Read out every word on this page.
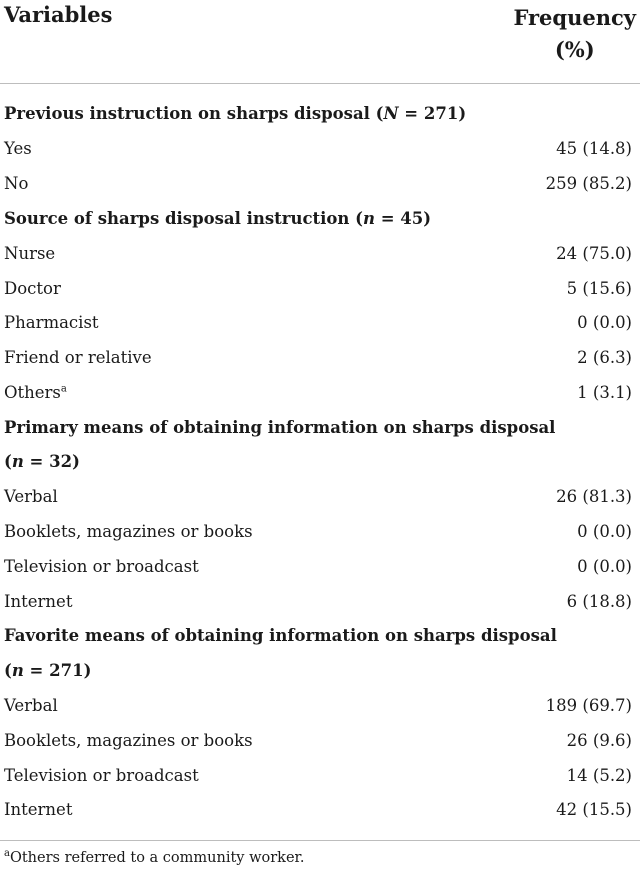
Variables	Frequency
(%)
Previous instruction on sharps disposal (N = 271)
Yes	45 (14.8)
No	259 (85.2)
Source of sharps disposal instruction (n = 45)
Nurse	24 (75.0)
Doctor	5 (15.6)
Pharmacist	0 (0.0)
Friend or relative	2 (6.3)
Others$^a$	1 (3.1)
Primary means of obtaining information on sharps disposal
(n = 32)
Verbal	26 (81.3)
Booklets, magazines or books	0 (0.0)
Television or broadcast	0 (0.0)
Internet	6 (18.8)
Favorite means of obtaining information on sharps disposal
(n = 271)
Verbal	189 (69.7)
Booklets, magazines or books	26 (9.6)
Television or broadcast	14 (5.2)
Internet	42 (15.5)
$^a$Others referred to a community worker.
